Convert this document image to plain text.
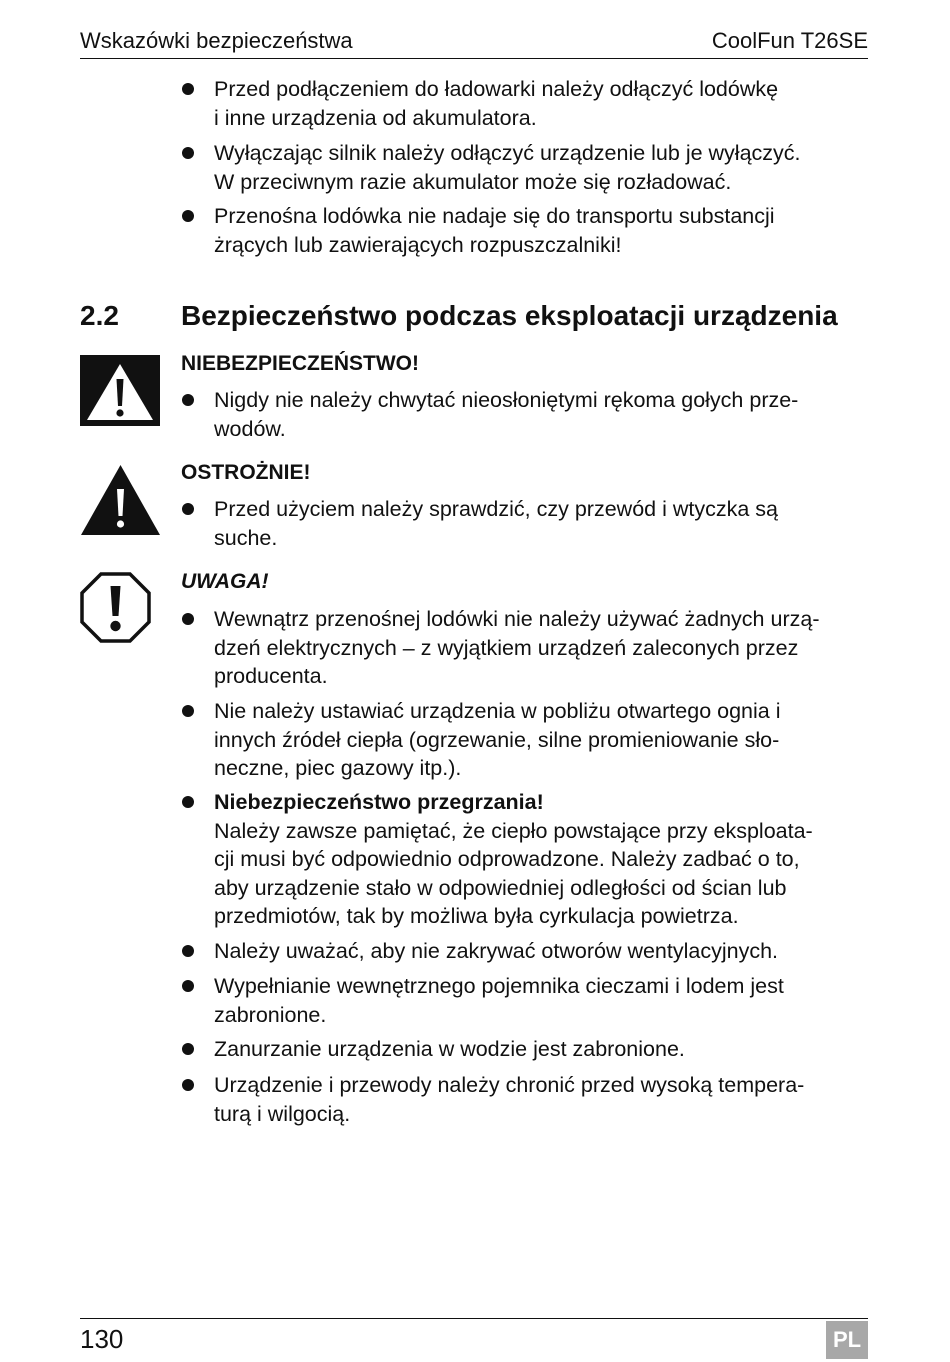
Wskazówki bezpieczeństwa	CoolFun T26SE
Przed podłączeniem do ładowarki należy odłączyć lodówkę
i inne urządzenia od akumulatora.
Wyłączając silnik należy odłączyć urządzenie lub je wyłączyć.
W przeciwnym razie akumulator może się rozładować.
Przenośna lodówka nie nadaje się do transportu substancji
żrących lub zawierających rozpuszczalniki!
2.2 Bezpieczeństwo podczas eksploatacji urządzenia
NIEBEZPIECZEŃSTWO!
Nigdy nie należy chwytać nieosłoniętymi rękoma gołych prze-
wodów.
OSTROŻNIE!
Przed użyciem należy sprawdzić, czy przewód i wtyczka są
suche.
UWAGA!
Wewnątrz przenośnej lodówki nie należy używać żadnych urzą-
dzeń elektrycznych – z wyjątkiem urządzeń zaleconych przez
producenta.
Nie należy ustawiać urządzenia w pobliżu otwartego ognia i
innych źródeł ciepła (ogrzewanie, silne promieniowanie sło-
neczne, piec gazowy itp.).
Niebezpieczeństwo przegrzania!
Należy zawsze pamiętać, że ciepło powstające przy eksploata-
cji musi być odpowiednio odprowadzone. Należy zadbać o to,
aby urządzenie stało w odpowiedniej odległości od ścian lub
przedmiotów, tak by możliwa była cyrkulacja powietrza.
Należy uważać, aby nie zakrywać otworów wentylacyjnych.
Wypełnianie wewnętrznego pojemnika cieczami i lodem jest
zabronione.
Zanurzanie urządzenia w wodzie jest zabronione.
Urządzenie i przewody należy chronić przed wysoką tempera-
turą i wilgocią.
130	PL
